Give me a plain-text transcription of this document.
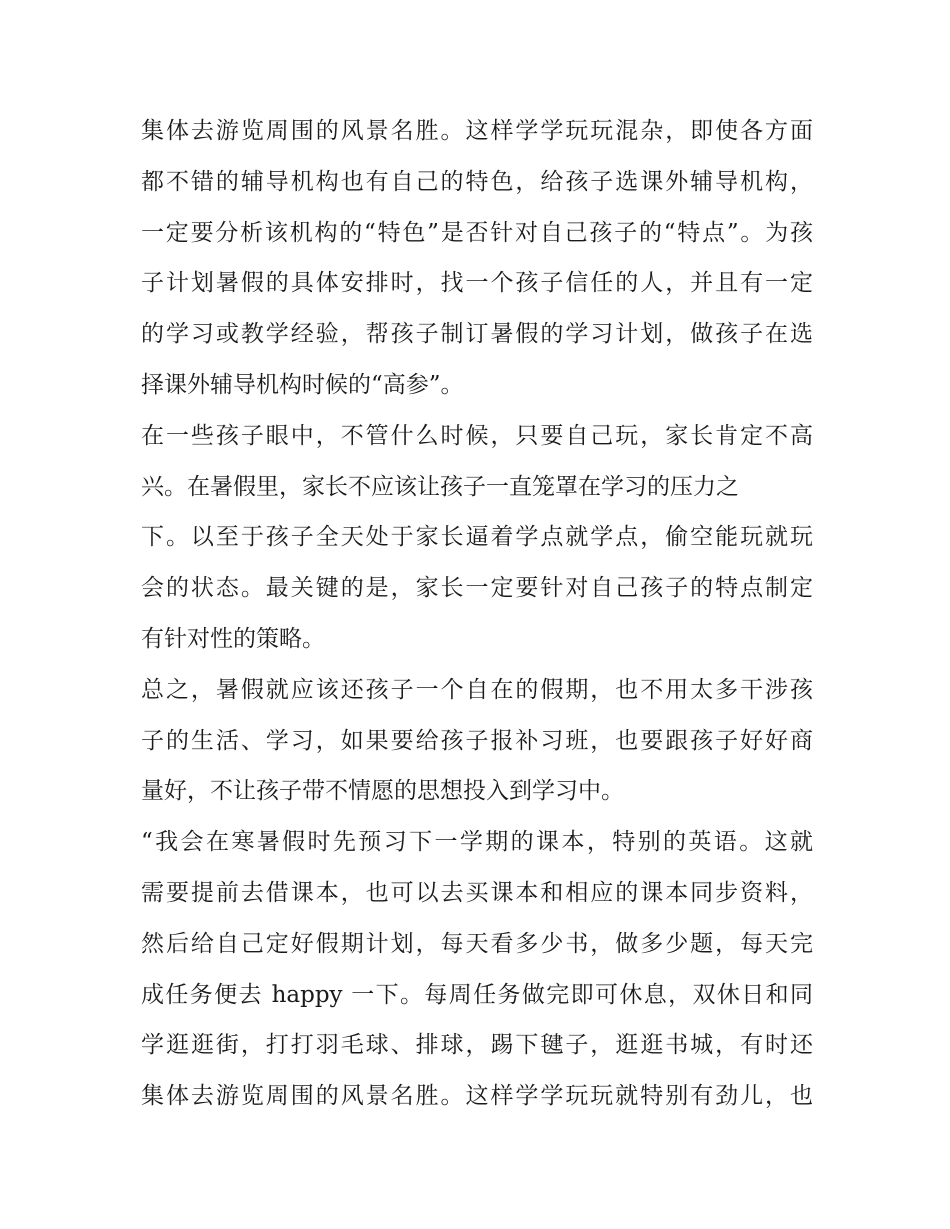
集体去游览周围的风景名胜。这样学学玩玩混杂，即使各方面
都不错的辅导机构也有自己的特色，给孩子选课外辅导机构，
一定要分析该机构的“特色”是否针对自己孩子的“特点”。为孩
子计划暑假的具体安排时，找一个孩子信任的人，并且有一定
的学习或教学经验，帮孩子制订暑假的学习计划，做孩子在选
择课外辅导机构时候的“高参”。
在一些孩子眼中，不管什么时候，只要自己玩，家长肯定不高
兴。在暑假里，家长不应该让孩子一直笼罩在学习的压力之
下。以至于孩子全天处于家长逼着学点就学点，偷空能玩就玩
会的状态。最关键的是，家长一定要针对自己孩子的特点制定
有针对性的策略。
总之，暑假就应该还孩子一个自在的假期，也不用太多干涉孩
子的生活、学习，如果要给孩子报补习班，也要跟孩子好好商
量好，不让孩子带不情愿的思想投入到学习中。
“我会在寒暑假时先预习下一学期的课本，特别的英语。这就
需要提前去借课本，也可以去买课本和相应的课本同步资料，
然后给自己定好假期计划，每天看多少书，做多少题，每天完
成任务便去 happy 一下。每周任务做完即可休息，双休日和同
学逛逛街，打打羽毛球、排球，踢下毽子，逛逛书城，有时还
集体去游览周围的风景名胜。这样学学玩玩就特别有劲儿，也
